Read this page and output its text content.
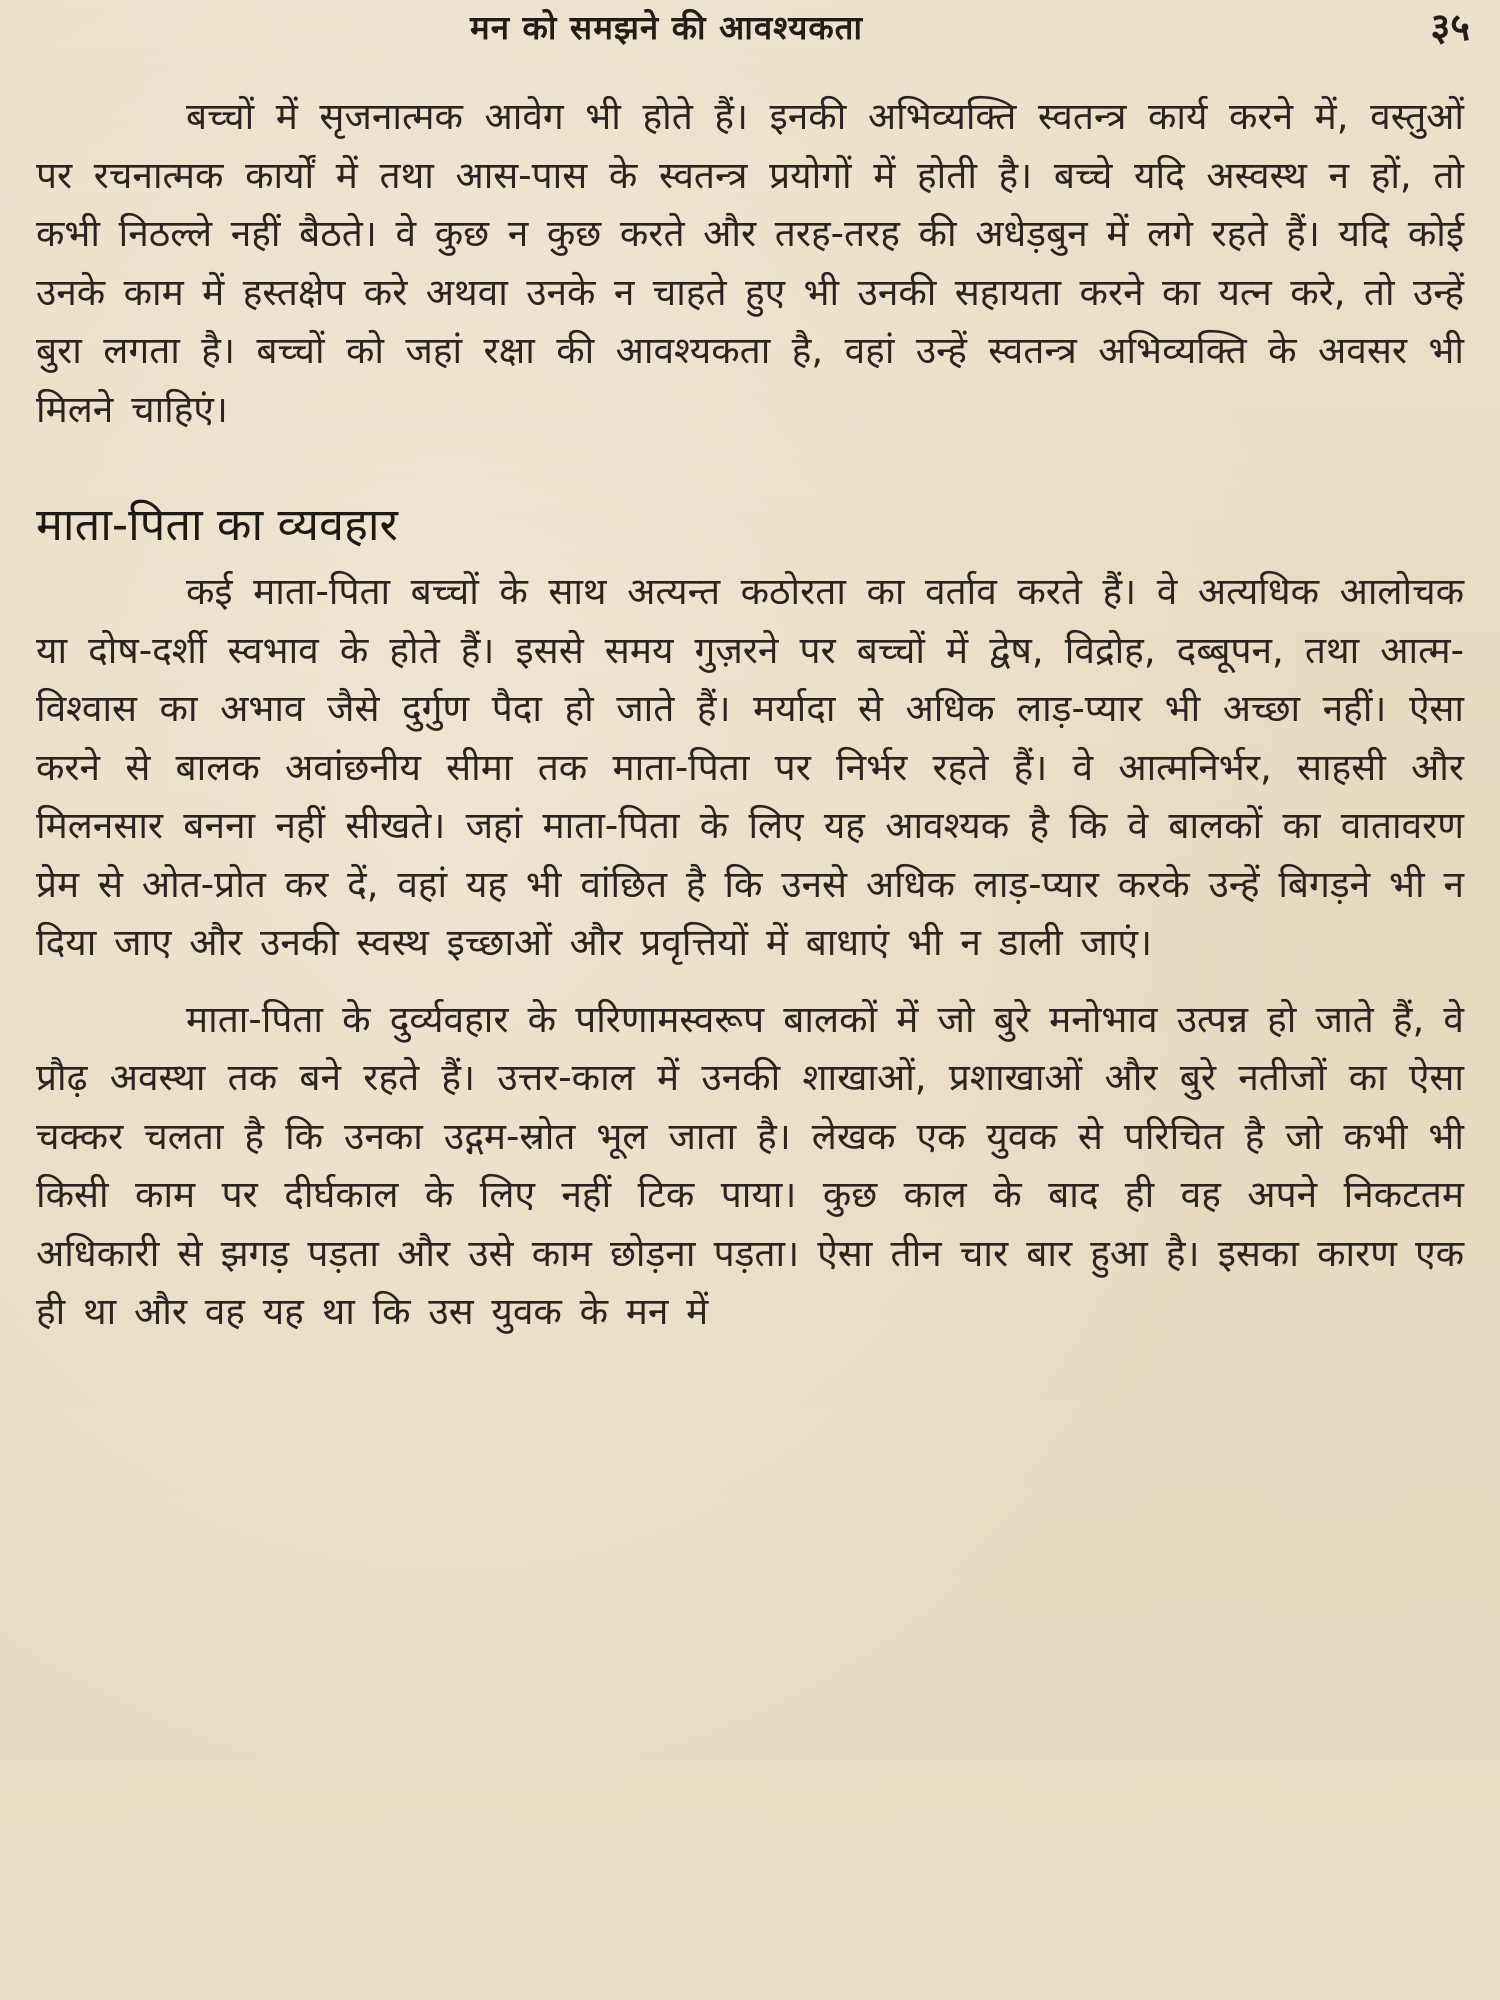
मन को समझने की आवश्यकता	३५

बच्चों में सृजनात्मक आवेग भी होते हैं। इनकी अभिव्यक्ति स्वतन्त्र कार्य करने में, वस्तुओं पर रचनात्मक कार्यों में तथा आस-पास के स्वतन्त्र प्रयोगों में होती है। बच्चे यदि अस्वस्थ न हों, तो कभी निठल्ले नहीं बैठते। वे कुछ न कुछ करते और तरह-तरह की अधेड़बुन में लगे रहते हैं। यदि कोई उनके काम में हस्तक्षेप करे अथवा उनके न चाहते हुए भी उनकी सहायता करने का यत्न करे, तो उन्हें बुरा लगता है। बच्चों को जहां रक्षा की आवश्यकता है, वहां उन्हें स्वतन्त्र अभिव्यक्ति के अवसर भी मिलने चाहिएं।

माता-पिता का व्यवहार

कई माता-पिता बच्चों के साथ अत्यन्त कठोरता का वर्ताव करते हैं। वे अत्यधिक आलोचक या दोष-दर्शी स्वभाव के होते हैं। इससे समय गुज़रने पर बच्चों में द्वेष, विद्रोह, दब्बूपन, तथा आत्म-विश्वास का अभाव जैसे दुर्गुण पैदा हो जाते हैं। मर्यादा से अधिक लाड़-प्यार भी अच्छा नहीं। ऐसा करने से बालक अवांछनीय सीमा तक माता-पिता पर निर्भर रहते हैं। वे आत्मनिर्भर, साहसी और मिलनसार बनना नहीं सीखते। जहां माता-पिता के लिए यह आवश्यक है कि वे बालकों का वातावरण प्रेम से ओत-प्रोत कर दें, वहां यह भी वांछित है कि उनसे अधिक लाड़-प्यार करके उन्हें बिगड़ने भी न दिया जाए और उनकी स्वस्थ इच्छाओं और प्रवृत्तियों में बाधाएं भी न डाली जाएं।

माता-पिता के दुर्व्यवहार के परिणामस्वरूप बालकों में जो बुरे मनोभाव उत्पन्न हो जाते हैं, वे प्रौढ़ अवस्था तक बने रहते हैं। उत्तर-काल में उनकी शाखाओं, प्रशाखाओं और बुरे नतीजों का ऐसा चक्कर चलता है कि उनका उद्गम-स्रोत भूल जाता है। लेखक एक युवक से परिचित है जो कभी भी किसी काम पर दीर्घकाल के लिए नहीं टिक पाया। कुछ काल के बाद ही वह अपने निकटतम अधिकारी से झगड़ पड़ता और उसे काम छोड़ना पड़ता। ऐसा तीन चार बार हुआ है। इसका कारण एक ही था और वह यह था कि उस युवक के मन में
